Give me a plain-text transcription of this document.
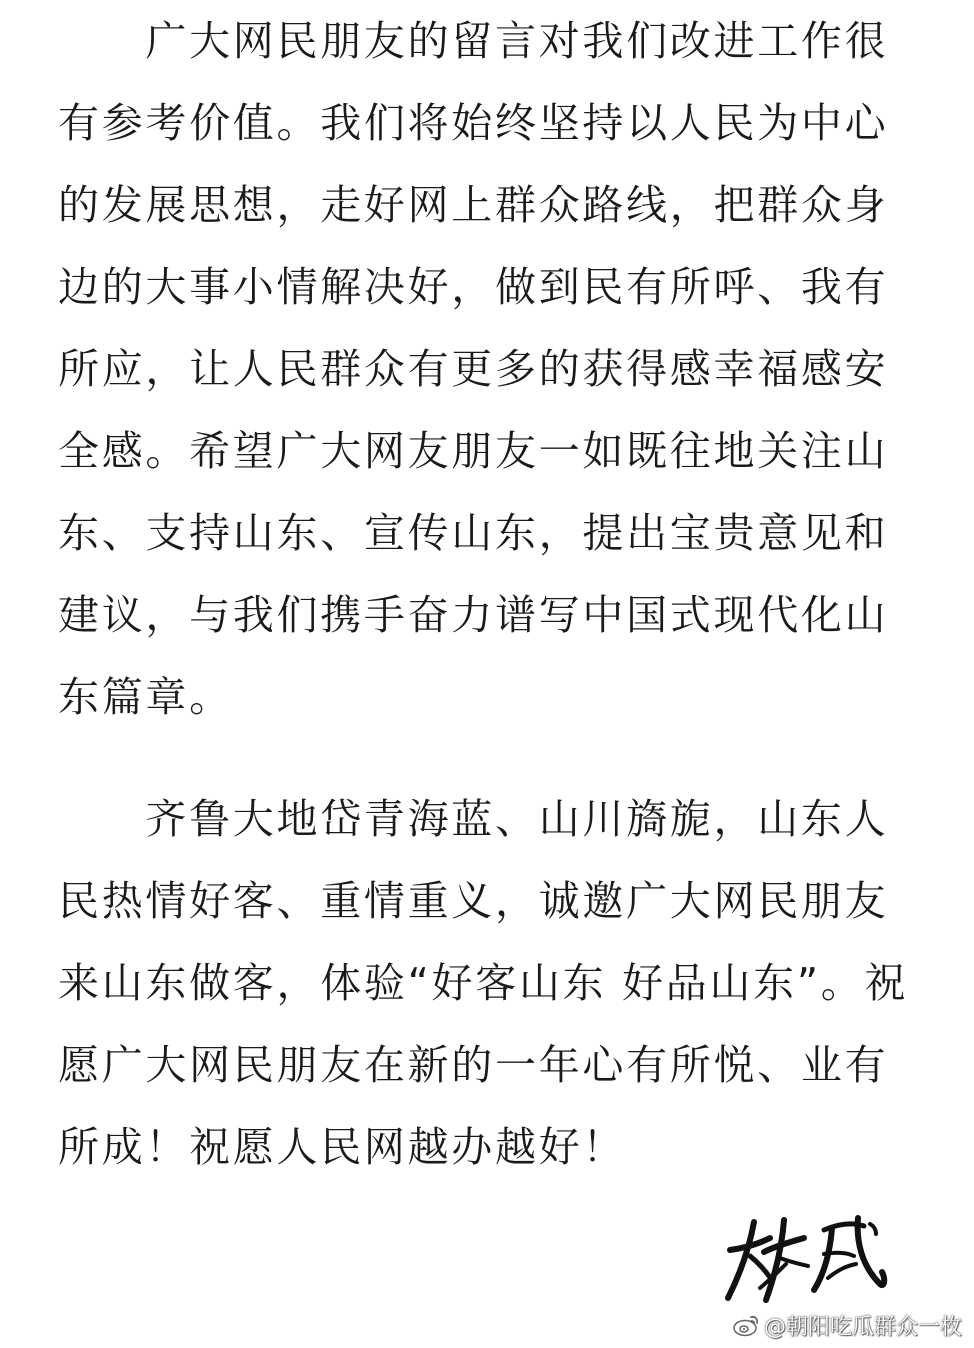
　　广大网民朋友的留言对我们改进工作很
有参考价值。我们将始终坚持以人民为中心
的发展思想，走好网上群众路线，把群众身
边的大事小情解决好，做到民有所呼、我有
所应，让人民群众有更多的获得感幸福感安
全感。希望广大网友朋友一如既往地关注山
东、支持山东、宣传山东，提出宝贵意见和
建议，与我们携手奋力谱写中国式现代化山
东篇章。
　　齐鲁大地岱青海蓝、山川旖旎，山东人
民热情好客、重情重义，诚邀广大网民朋友
来山东做客，体验“好客山东 好品山东”。祝
愿广大网民朋友在新的一年心有所悦、业有
所成！祝愿人民网越办越好！
@朝阳吃瓜群众一枚
